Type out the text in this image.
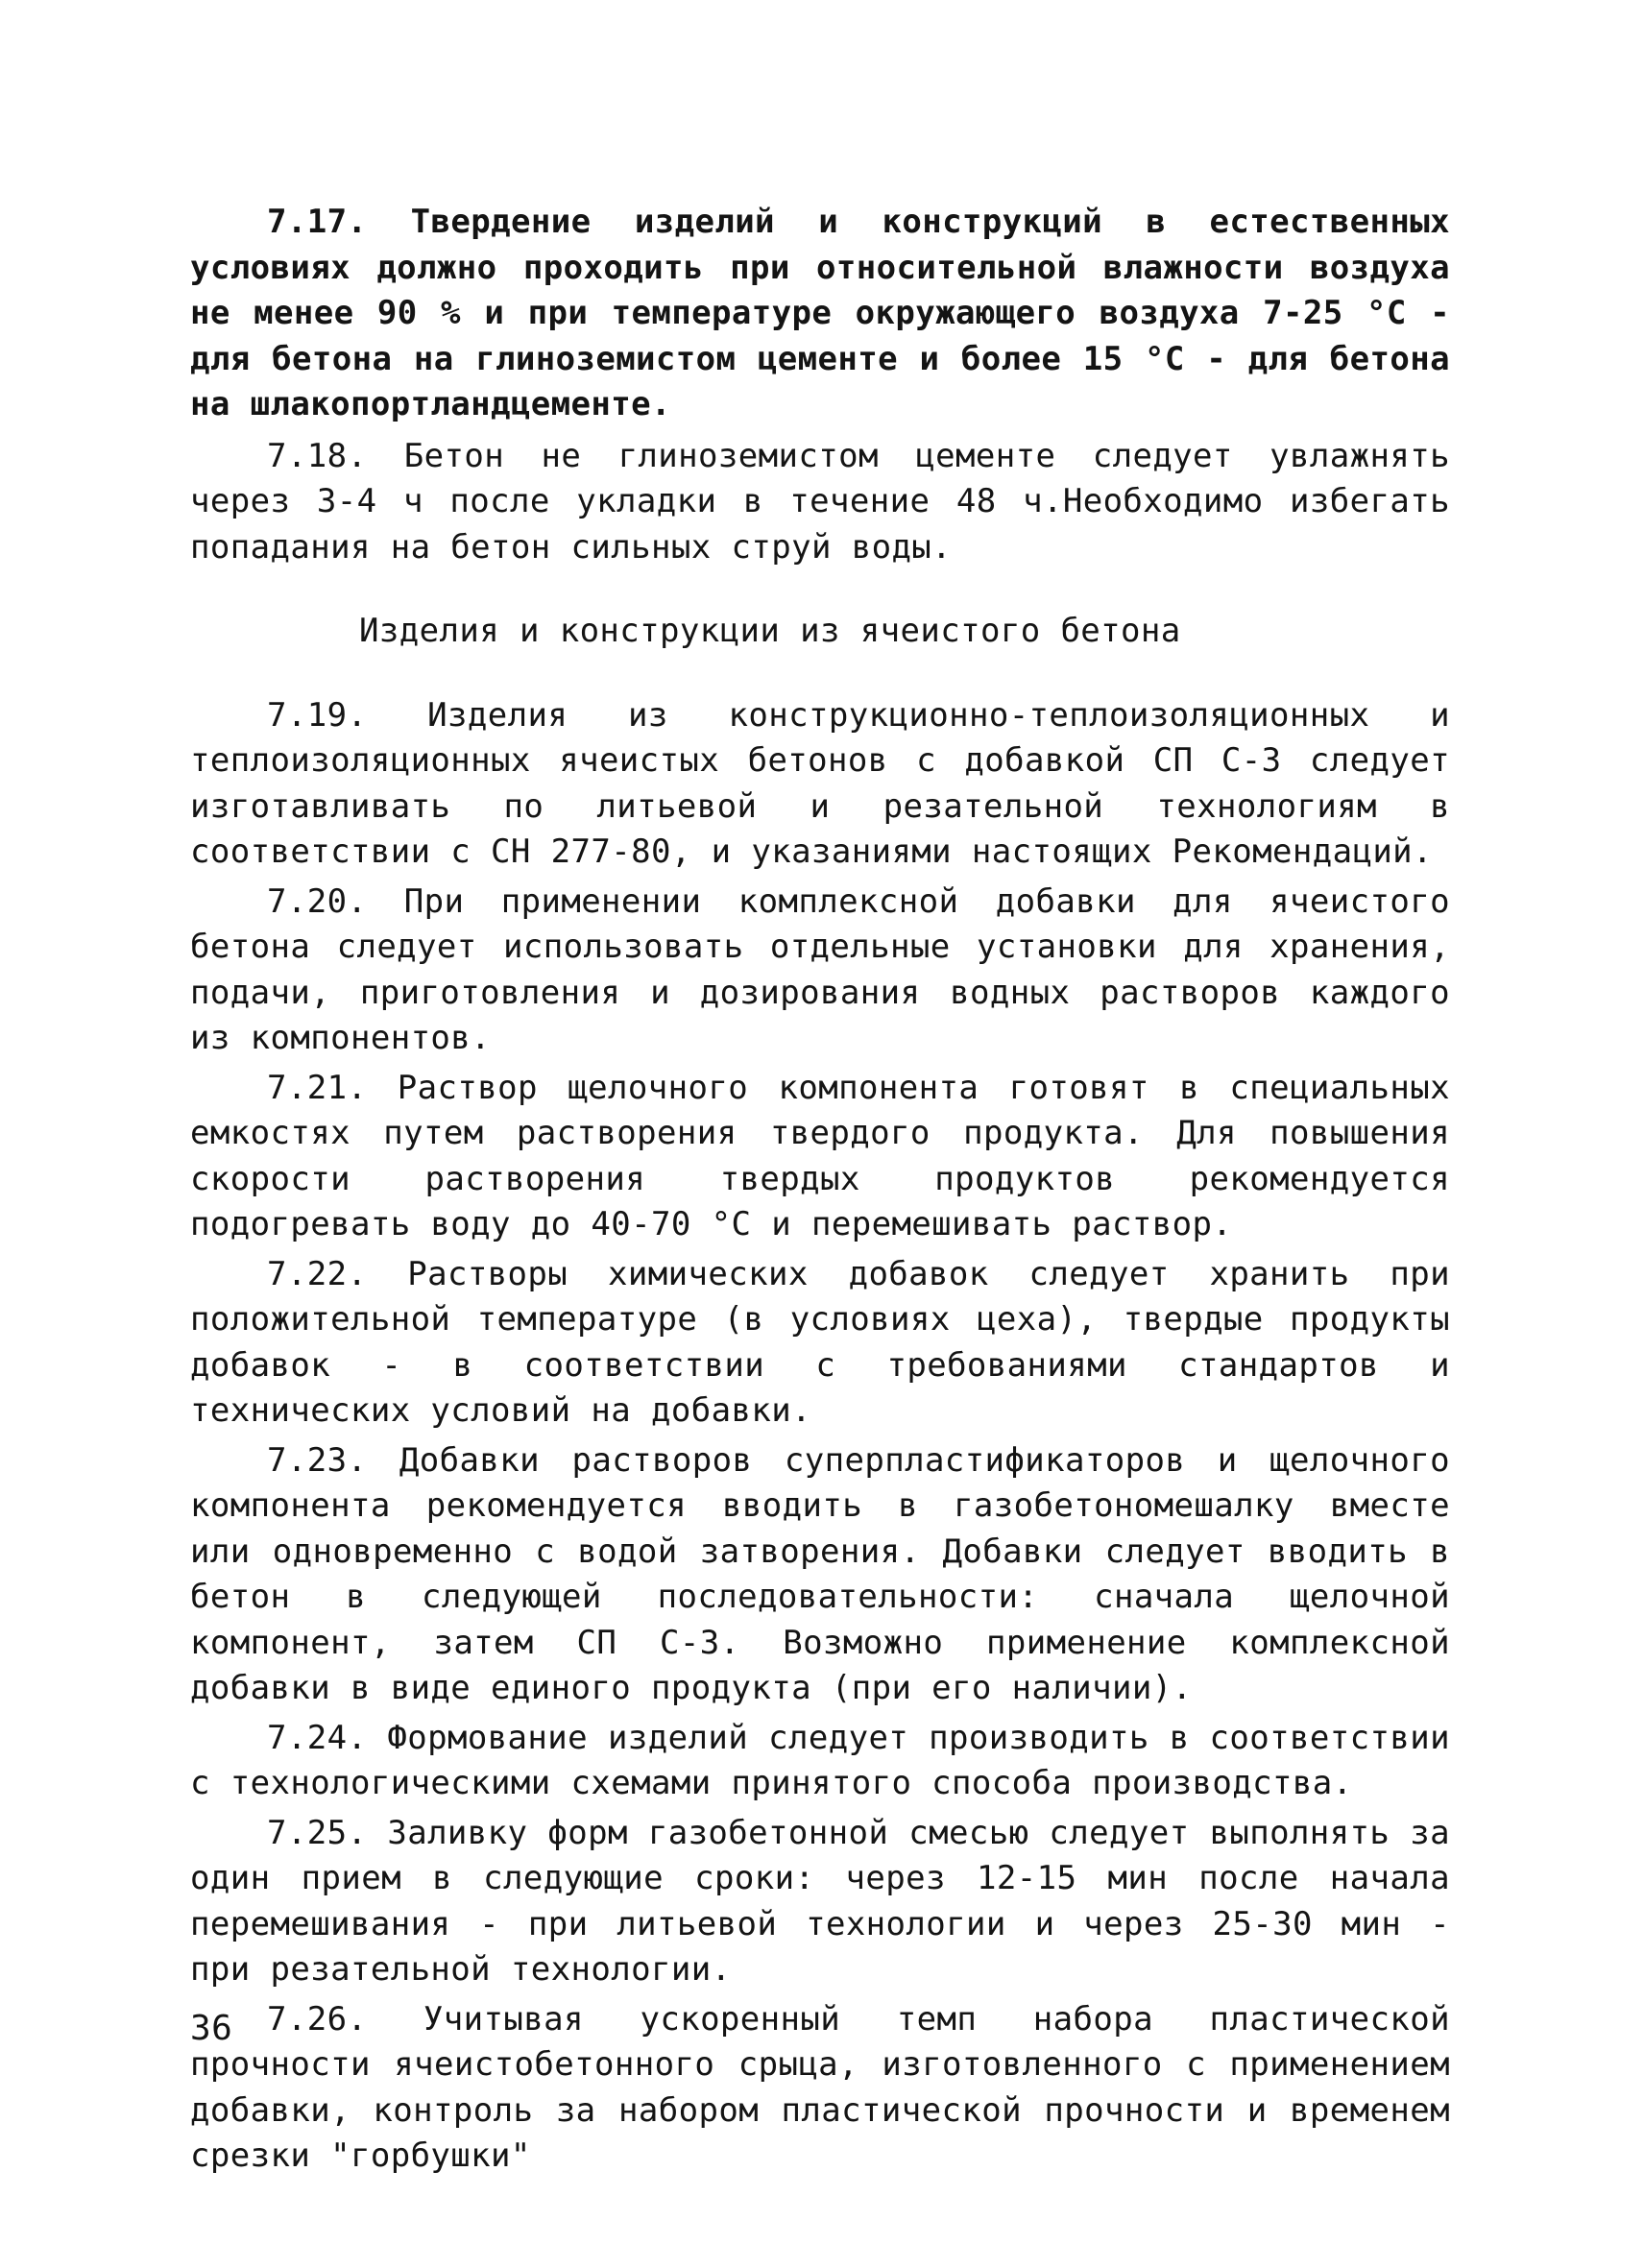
7.17. Твердение изделий и конструкций в естественных условиях должно проходить при относительной влажности воздуха не менее 90 % и при температуре окружающего воздуха 7-25 °С - для бетона на глиноземистом цементе и более 15 °С - для бетона на шлакопортландцементе.

7.18. Бетон не глиноземистом цементе следует увлажнять через 3-4 ч после укладки в течение 48 ч.Необходимо избегать попадания на бетон сильных струй воды.

Изделия и конструкции из ячеистого бетона

7.19. Изделия из конструкционно-теплоизоляционных и теплоизоляционных ячеистых бетонов с добавкой СП С-3 следует изготавливать по литьевой и резательной технологиям в соответствии с СН 277-80, и указаниями настоящих Рекомендаций.

7.20. При применении комплексной добавки для ячеистого бетона следует использовать отдельные установки для хранения, подачи, приготовления и дозирования водных растворов каждого из компонентов.

7.21. Раствор щелочного компонента готовят в специальных емкостях путем растворения твердого продукта. Для повышения скорости растворения твердых продуктов рекомендуется подогревать воду до 40-70 °С и перемешивать раствор.

7.22. Растворы химических добавок следует хранить при положительной температуре (в условиях цеха), твердые продукты добавок - в соответствии с требованиями стандартов и технических условий на добавки.

7.23. Добавки растворов суперпластификаторов и щелочного компонента рекомендуется вводить в газобетономешалку вместе или одновременно с водой затворения. Добавки следует вводить в бетон в следующей последовательности: сначала щелочной компонент, затем СП С-3. Возможно применение комплексной добавки в виде единого продукта (при его наличии).

7.24. Формование изделий следует производить в соответствии с технологическими схемами принятого способа производства.

7.25. Заливку форм газобетонной смесью следует выполнять за один прием в следующие сроки: через 12-15 мин после начала перемешивания - при литьевой технологии и через 25-30 мин - при резательной технологии.

7.26. Учитывая ускоренный темп набора пластической прочности ячеистобетонного срыца, изготовленного с применением добавки, контроль за набором пластической прочности и временем срезки "горбушки"

36
